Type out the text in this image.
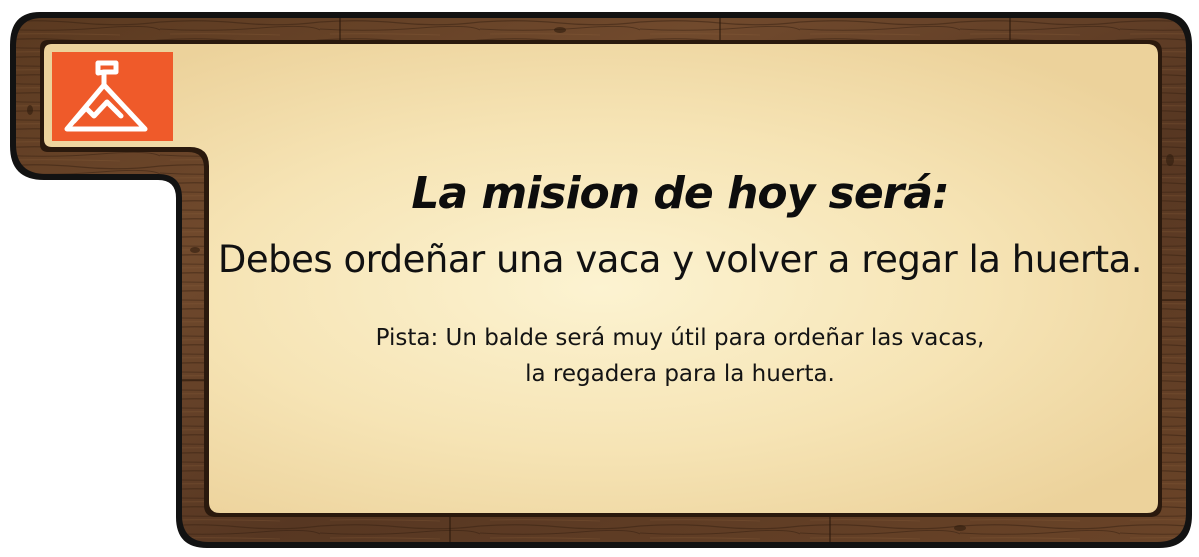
La mision de hoy será:

Debes ordeñar una vaca y volver a regar la huerta.

Pista: Un balde será muy útil para ordeñar las vacas,
la regadera para la huerta.
